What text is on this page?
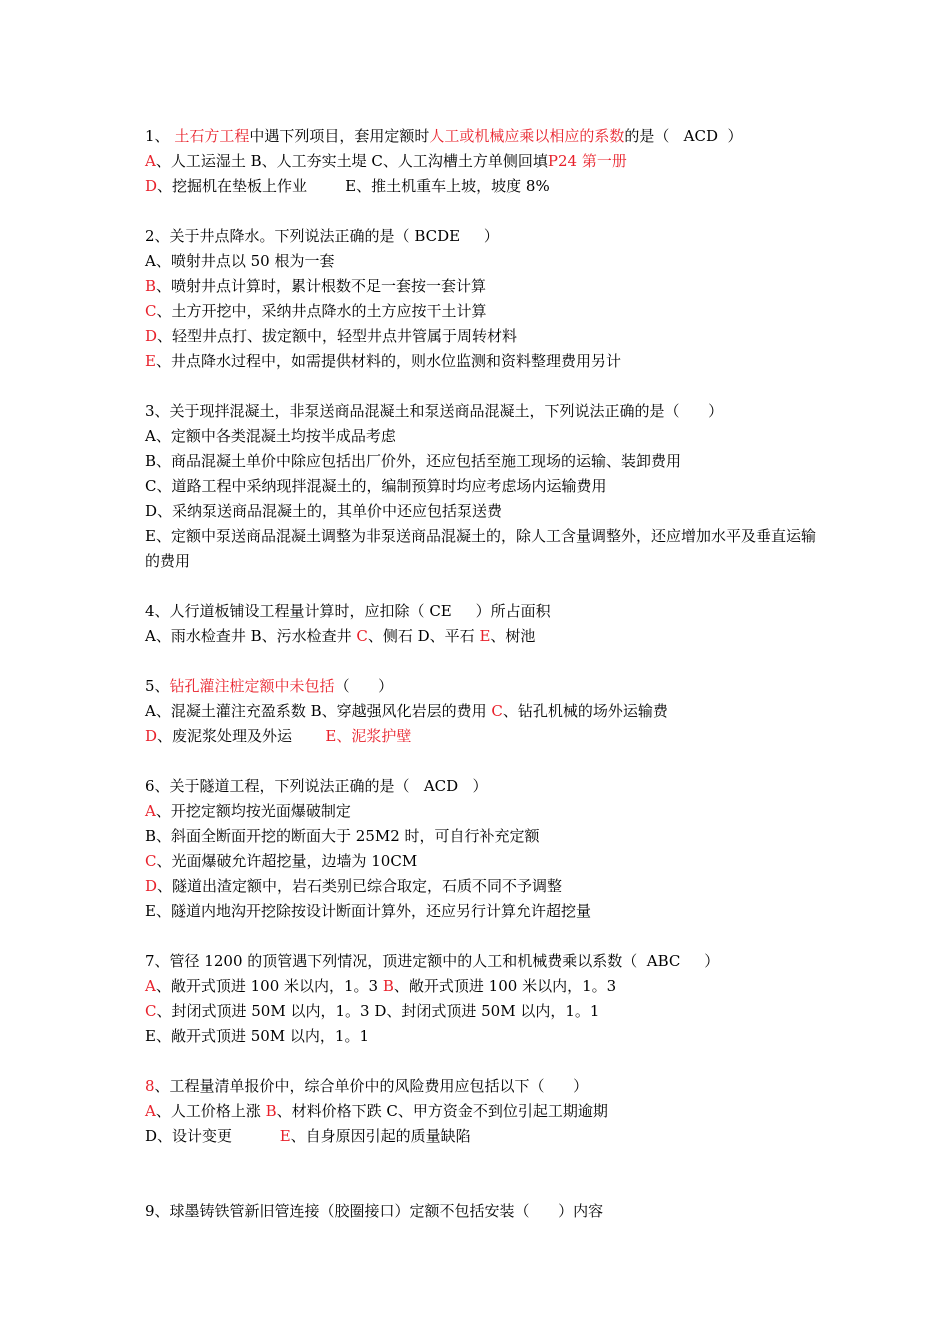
1、 土石方工程中遇下列项目，套用定额时人工或机械应乘以相应的系数的是（   ACD  ）
A、人工运湿土 B、人工夯实土堤 C、人工沟槽土方单侧回填P24 第一册
D、挖掘机在垫板上作业        E、推土机重车上坡，坡度 8%
2、关于井点降水。下列说法正确的是（ BCDE     ）
A、喷射井点以 50 根为一套
B、喷射井点计算时，累计根数不足一套按一套计算
C、土方开挖中，采纳井点降水的土方应按干土计算
D、轻型井点打、拔定额中，轻型井点井管属于周转材料
E、井点降水过程中，如需提供材料的，则水位监测和资料整理费用另计
3、关于现拌混凝土，非泵送商品混凝土和泵送商品混凝土，下列说法正确的是（      ）
A、定额中各类混凝土均按半成品考虑
B、商品混凝土单价中除应包括出厂价外，还应包括至施工现场的运输、装卸费用
C、道路工程中采纳现拌混凝土的，编制预算时均应考虑场内运输费用
D、采纳泵送商品混凝土的，其单价中还应包括泵送费
E、定额中泵送商品混凝土调整为非泵送商品混凝土的，除人工含量调整外，还应增加水平及垂直运输的费用
4、人行道板铺设工程量计算时，应扣除（ CE     ）所占面积
A、雨水检查井 B、污水检查井 C、侧石 D、平石 E、树池
5、钻孔灌注桩定额中未包括（      ）
A、混凝土灌注充盈系数 B、穿越强风化岩层的费用 C、钻孔机械的场外运输费
D、废泥浆处理及外运       E、泥浆护壁
6、关于隧道工程，下列说法正确的是（   ACD   ）
A、开挖定额均按光面爆破制定
B、斜面全断面开挖的断面大于 25M2 时，可自行补充定额
C、光面爆破允许超挖量，边墙为 10CM
D、隧道出渣定额中，岩石类别已综合取定，石质不同不予调整
E、隧道内地沟开挖除按设计断面计算外，还应另行计算允许超挖量
7、管径 1200 的顶管遇下列情况，顶进定额中的人工和机械费乘以系数（  ABC     ）
A、敞开式顶进 100 米以内，1。3 B、敞开式顶进 100 米以内，1。3
C、封闭式顶进 50M 以内，1。3 D、封闭式顶进 50M 以内，1。1
E、敞开式顶进 50M 以内，1。1
8、工程量清单报价中，综合单价中的风险费用应包括以下（      ）
A、人工价格上涨 B、材料价格下跌 C、甲方资金不到位引起工期逾期
D、设计变更          E、自身原因引起的质量缺陷
9、球墨铸铁管新旧管连接（胶圈接口）定额不包括安装（      ）内容
